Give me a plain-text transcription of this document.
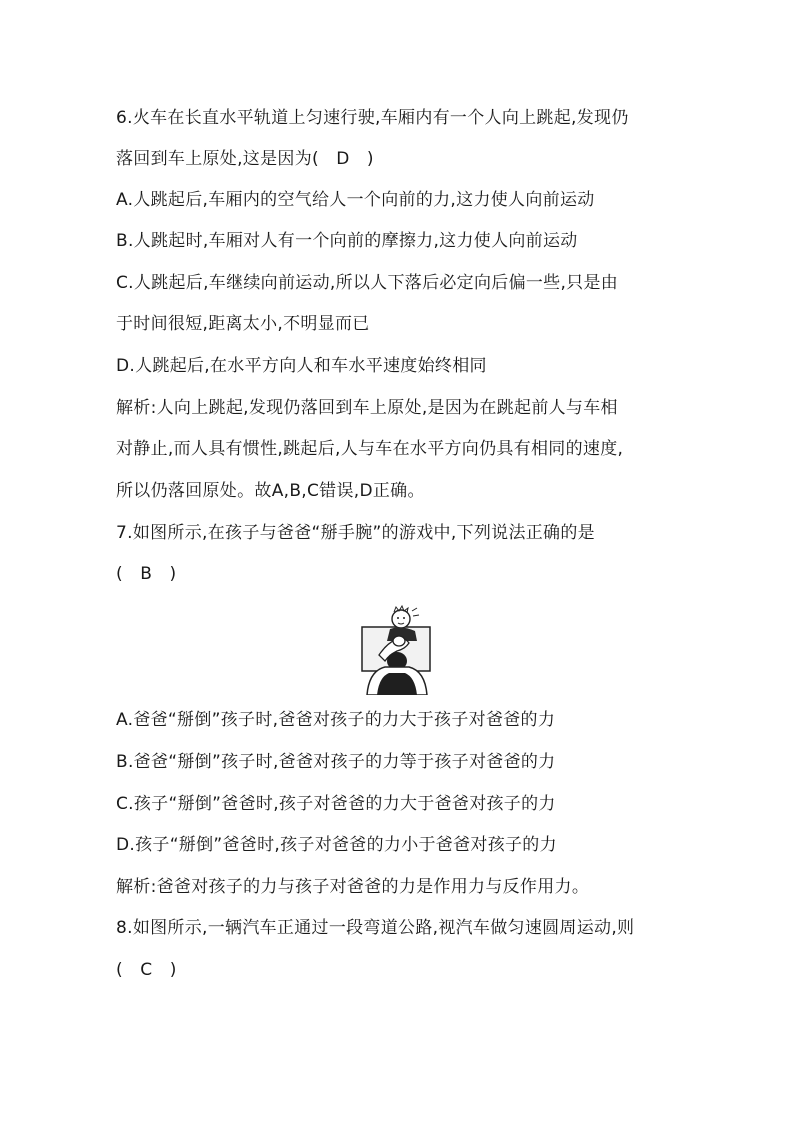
6.火车在长直水平轨道上匀速行驶,车厢内有一个人向上跳起,发现仍
落回到车上原处,这是因为(　D　)
A.人跳起后,车厢内的空气给人一个向前的力,这力使人向前运动
B.人跳起时,车厢对人有一个向前的摩擦力,这力使人向前运动
C.人跳起后,车继续向前运动,所以人下落后必定向后偏一些,只是由
于时间很短,距离太小,不明显而已
D.人跳起后,在水平方向人和车水平速度始终相同
解析:人向上跳起,发现仍落回到车上原处,是因为在跳起前人与车相
对静止,而人具有惯性,跳起后,人与车在水平方向仍具有相同的速度,
所以仍落回原处。故A,B,C错误,D正确。
7.如图所示,在孩子与爸爸“掰手腕”的游戏中,下列说法正确的是
(　B　)
A.爸爸“掰倒”孩子时,爸爸对孩子的力大于孩子对爸爸的力
B.爸爸“掰倒”孩子时,爸爸对孩子的力等于孩子对爸爸的力
C.孩子“掰倒”爸爸时,孩子对爸爸的力大于爸爸对孩子的力
D.孩子“掰倒”爸爸时,孩子对爸爸的力小于爸爸对孩子的力
解析:爸爸对孩子的力与孩子对爸爸的力是作用力与反作用力。
8.如图所示,一辆汽车正通过一段弯道公路,视汽车做匀速圆周运动,则
(　C　)
